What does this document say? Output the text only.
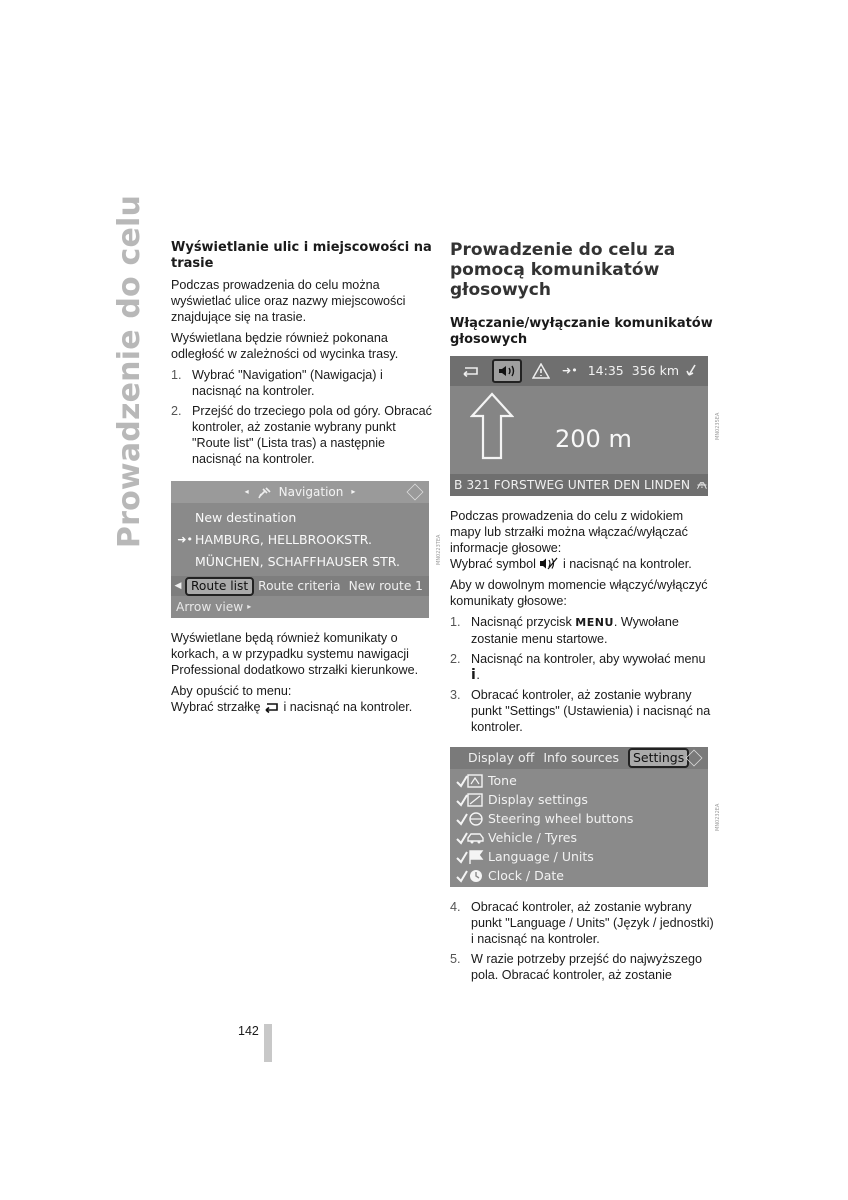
Prowadzenie do celu Wyświetlanie ulic i miejscowości na trasie

Podczas prowadzenia do celu można wyświetlać ulice oraz nazwy miejscowości znajdujące się na trasie.

Wyświetlana będzie również pokonana odległość w zależności od wycinka trasy.

1. Wybrać "Navigation" (Nawigacja) i nacisnąć na kontroler.
2. Przejść do trzeciego pola od góry. Obracać kontroler, aż zostanie wybrany punkt "Route list" (Lista tras) a następnie nacisnąć na kontroler.
◂	Navigation ▸
New destination
➜• HAMBURG, HELLBROOKSTR.
MÜNCHEN, SCHAFFHAUSER STR.
◀ Route list Route criteria New route 1
Arrow view ▸
MN0223TEA

Wyświetlane będą również komunikaty o korkach, a w przypadku systemu nawigacji Professional dodatkowo strzałki kierunkowe.

Aby opuścić to menu:

Wybrać strzałkę i nacisnąć na kontroler.

Prowadzenie do celu za pomocą komunikatów głosowych
Włączanie/wyłączanie komunikatów głosowych
➜• 14:35 356 km
200 m
B 321 FORSTWEG UNTER DEN LINDEN
MN0235EA

Podczas prowadzenia do celu z widokiem mapy lub strzałki można włączać/wyłączać informacje głosowe:

Wybrać symbol i nacisnąć na kontroler.

Aby w dowolnym momencie włączyć/wyłączyć komunikaty głosowe:

1. Nacisnąć przycisk MENU. Wywołane zostanie menu startowe.
2. Nacisnąć na kontroler, aby wywołać menu i.
3. Obracać kontroler, aż zostanie wybrany punkt "Settings" (Ustawienia) i nacisnąć na kontroler.
Display off Info sources	Settings
Tone
Display settings
Steering wheel buttons
Vehicle / Tyres
Language / Units
Clock / Date
MN0232EA
4. Obracać kontroler, aż zostanie wybrany punkt "Language / Units" (Język / jednostki) i nacisnąć na kontroler.
5. W razie potrzeby przejść do najwyższego pola. Obracać kontroler, aż zostanie
142
